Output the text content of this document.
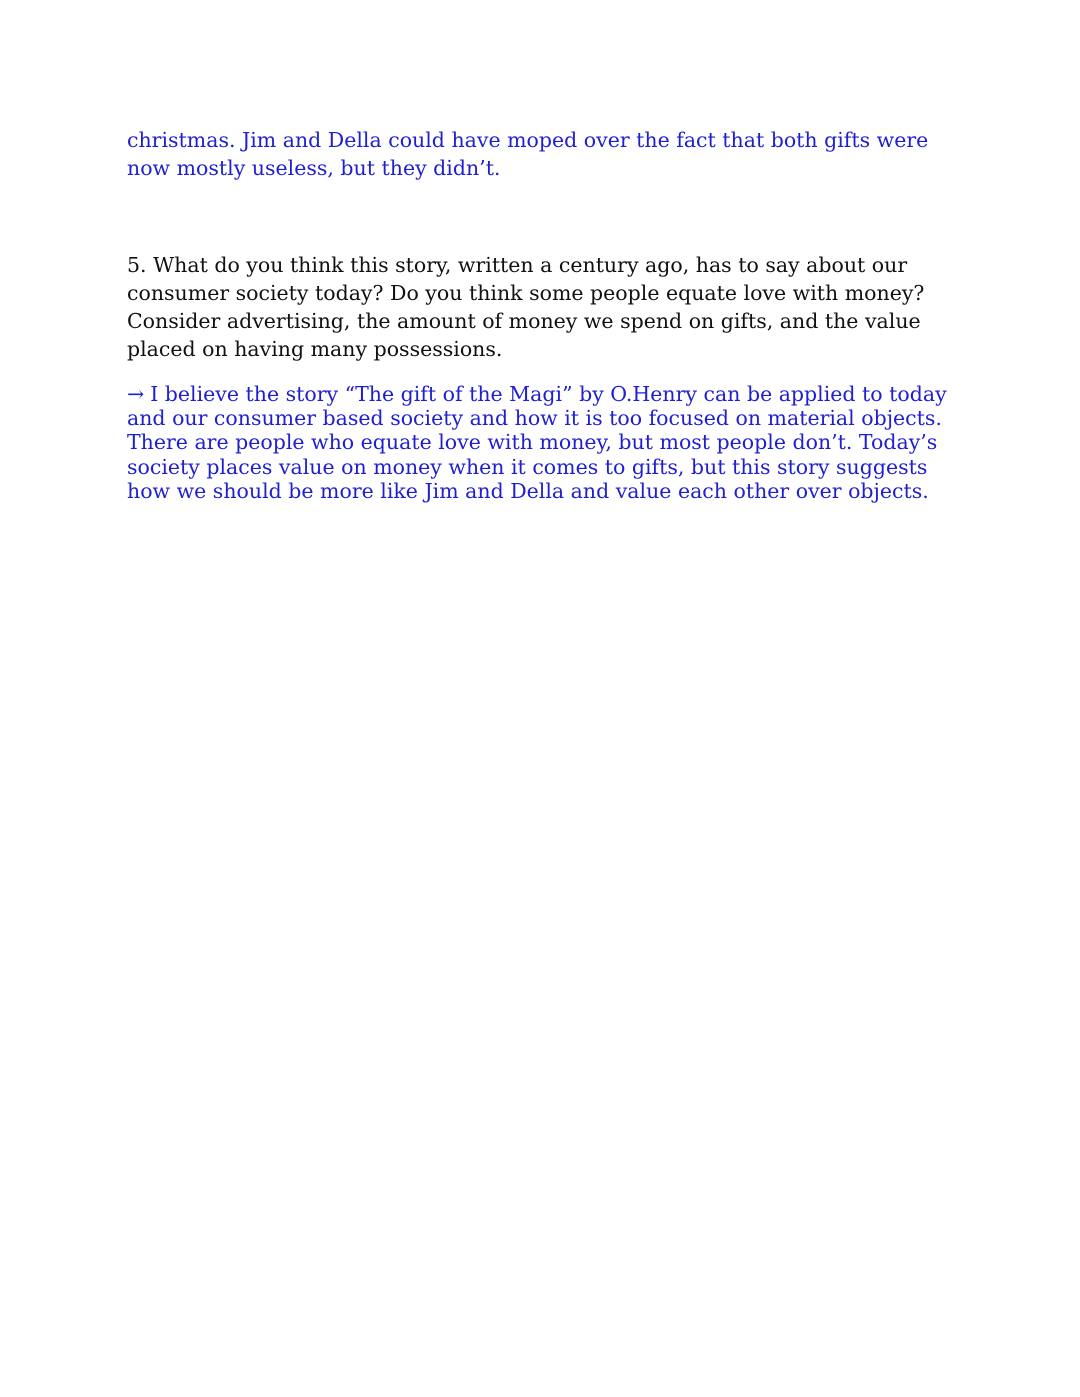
christmas. Jim and Della could have moped over the fact that both gifts were now mostly useless, but they didn’t.

5. What do you think this story, written a century ago, has to say about our consumer society today? Do you think some people equate love with money? Consider advertising, the amount of money we spend on gifts, and the value placed on having many possessions.

→ I believe the story “The gift of the Magi” by O.Henry can be applied to today and our consumer based society and how it is too focused on material objects. There are people who equate love with money, but most people don’t. Today’s society places value on money when it comes to gifts, but this story suggests how we should be more like Jim and Della and value each other over objects.
